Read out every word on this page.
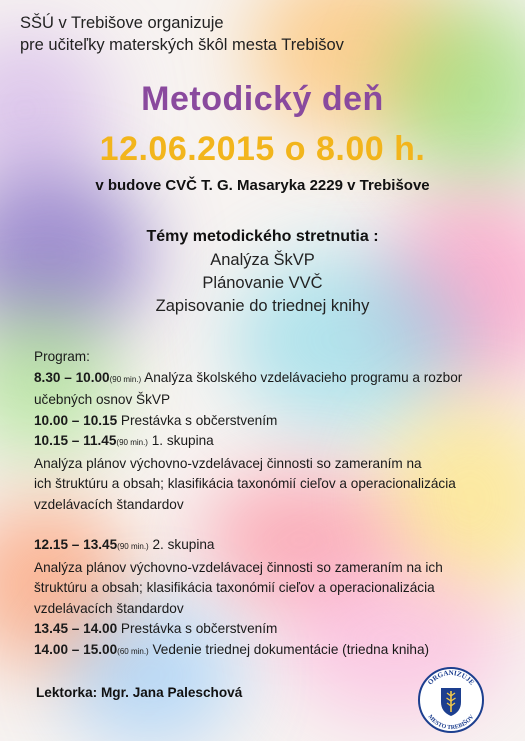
SŠÚ v Trebišove organizuje
pre učiteľky materských škôl mesta Trebišov
Metodický deň
12.06.2015 o 8.00 h.
v budove CVČ T. G. Masaryka 2229 v Trebišove
Témy metodického stretnutia :
Analýza ŠkVP
Plánovanie VVČ
Zapisovanie do triednej knihy

Program:

8.30 – 10.00(90 min.) Analýza školského vzdelávacieho programu a rozbor

učebných osnov ŠkVP

10.00 – 10.15 Prestávka s občerstvením

10.15 – 11.45(90 min.) 1. skupina

Analýza plánov výchovno-vzdelávacej činnosti so zameraním na

ich štruktúru a obsah; klasifikácia taxonómií cieľov a operacionalizácia

vzdelávacích štandardov

12.15 – 13.45(90 min.) 2. skupina

Analýza plánov výchovno-vzdelávacej činnosti so zameraním na ich

štruktúru a obsah; klasifikácia taxonómií cieľov a operacionalizácia

vzdelávacích štandardov

13.45 – 14.00 Prestávka s občerstvením

14.00 – 15.00(60 min.) Vedenie triednej dokumentácie (triedna kniha)

Lektorka: Mgr. Jana Paleschová
ORGANIZUJE
MESTO TREBIŠOV
